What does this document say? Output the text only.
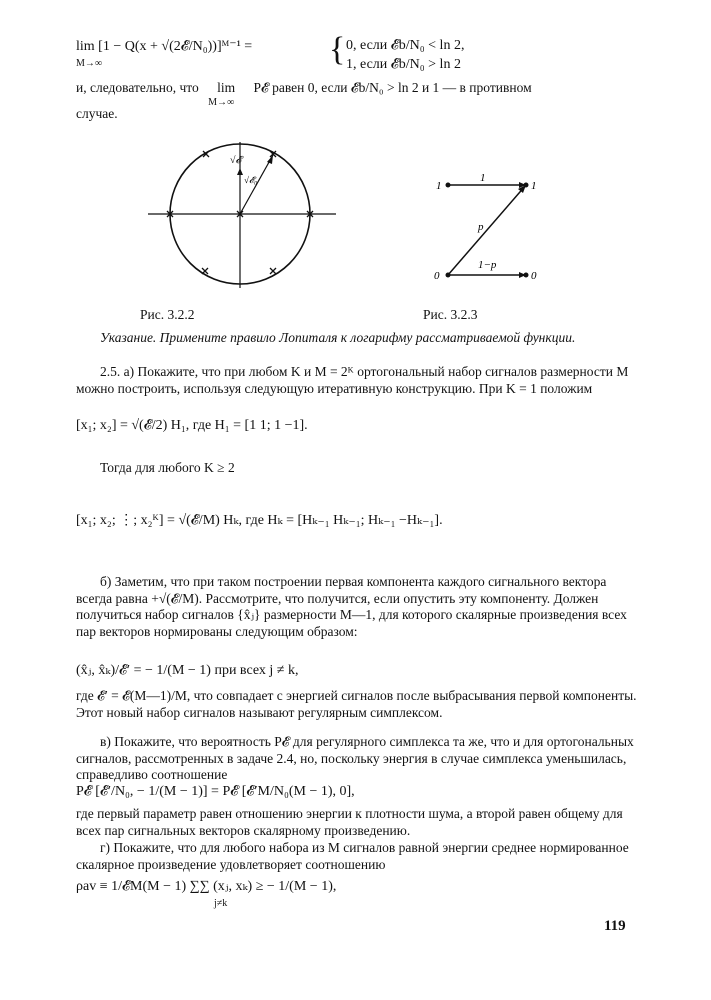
lim [1 − Q(x + √(2𝓔/N₀))]ᴹ⁻¹ =
M→∞	{ 0, если 𝓔b/N₀ < ln 2,
1, если 𝓔b/N₀ > ln 2
и, следовательно, что lim
M→∞
P𝓔 равен 0, если 𝓔b/N₀ > ln 2 и 1 — в противном
случае.
√𝓔
√𝓔₀
Рис. 3.2.2
1	1
0	0
1
p
1−p
Рис. 3.2.3
Указание. Примените правило Лопиталя к логарифму рассматриваемой функции.
2.5. а) Покажите, что при любом K и M = 2ᴷ ортогональный набор сигналов размерности M можно построить, используя следующую итеративную конструкцию. При K = 1 положим
[x₁; x₂] = √(𝓔/2) H₁, где H₁ = [1 1; 1 −1].
Тогда для любого K ≥ 2
[x₁; x₂; ⋮; x₂ᴷ] = √(𝓔/M) Hₖ, где Hₖ = [Hₖ₋₁ Hₖ₋₁; Hₖ₋₁ −Hₖ₋₁].
б) Заметим, что при таком построении первая компонента каждого сигнального вектора всегда равна +√(𝓔/M). Рассмотрите, что получится, если опустить эту компоненту. Должен получиться набор сигналов {x̂ⱼ} размерности M—1, для которого скалярные произведения всех пар векторов нормированы следующим образом:
(x̂ⱼ, x̂ₖ)/𝓔′ = − 1/(M − 1) при всех j ≠ k,
где 𝓔′ = 𝓔(M—1)/M, что совпадает с энергией сигналов после выбрасывания первой компоненты. Этот новый набор сигналов называют регулярным симплексом.
в) Покажите, что вероятность P𝓔 для регулярного симплекса та же, что и для ортогональных сигналов, рассмотренных в задаче 2.4, но, поскольку энергия в случае симплекса уменьшилась, справедливо соотношение
P𝓔 [𝓔′/N₀, − 1/(M − 1)] = P𝓔 [𝓔′M/N₀(M − 1), 0],
где первый параметр равен отношению энергии к плотности шума, а второй равен общему для всех пар сигнальных векторов скалярному произведению.
г) Покажите, что для любого набора из M сигналов равной энергии среднее нормированное скалярное произведение удовлетворяет соотношению
ρav ≡ 1/𝓔M(M − 1) ∑∑ (xⱼ, xₖ) ≥ − 1/(M − 1),
j≠k
119
